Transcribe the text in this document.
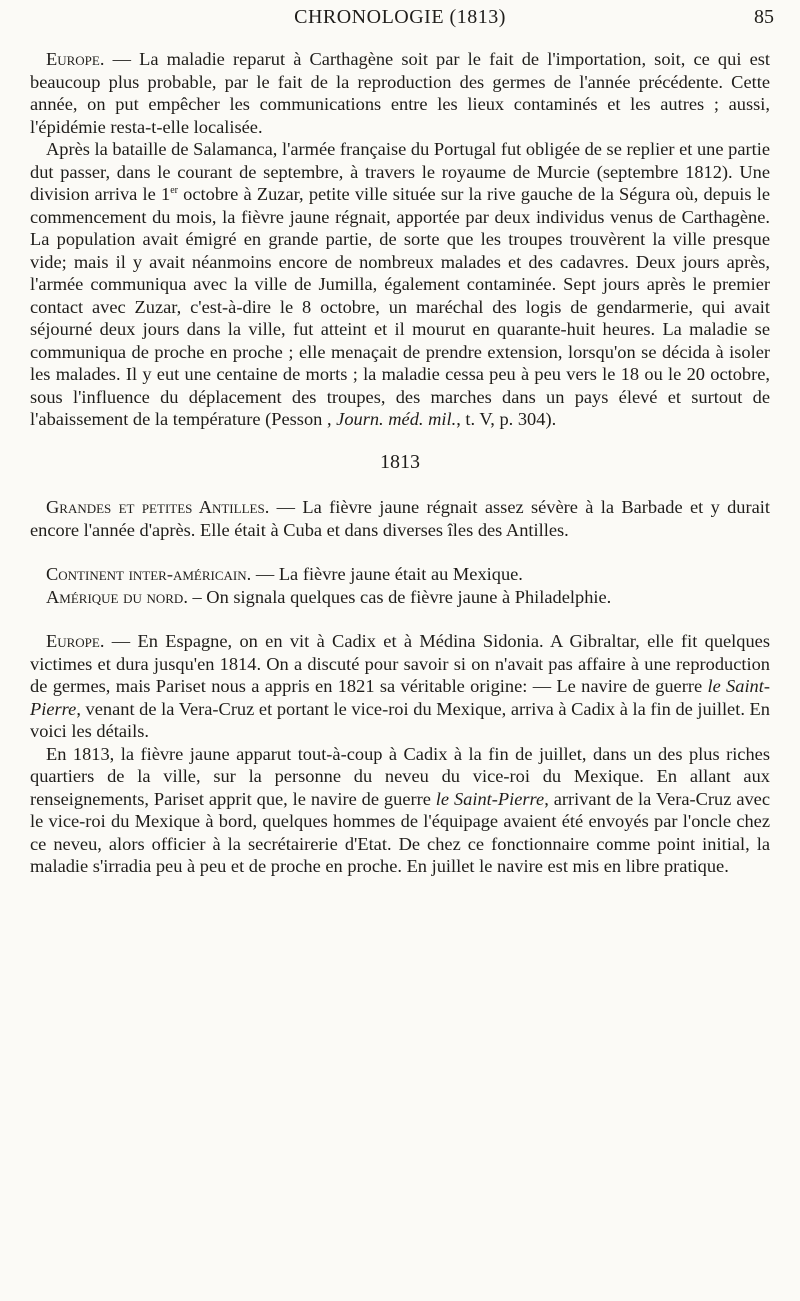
CHRONOLOGIE (1813)	85

Europe. — La maladie reparut à Carthagène soit par le fait de l'importation, soit, ce qui est beaucoup plus probable, par le fait de la reproduction des germes de l'année précédente. Cette année, on put empêcher les communications entre les lieux contaminés et les autres ; aussi, l'épidémie resta-t-elle localisée.

Après la bataille de Salamanca, l'armée française du Portugal fut obligée de se replier et une partie dut passer, dans le courant de septembre, à travers le royaume de Murcie (septembre 1812). Une division arriva le 1er octobre à Zuzar, petite ville située sur la rive gauche de la Ségura où, depuis le commencement du mois, la fièvre jaune régnait, apportée par deux individus venus de Carthagène. La population avait émigré en grande partie, de sorte que les troupes trouvèrent la ville presque vide; mais il y avait néanmoins encore de nombreux malades et des cadavres. Deux jours après, l'armée communiqua avec la ville de Jumilla, également contaminée. Sept jours après le premier contact avec Zuzar, c'est-à-dire le 8 octobre, un maréchal des logis de gendarmerie, qui avait séjourné deux jours dans la ville, fut atteint et il mourut en quarante-huit heures. La maladie se communiqua de proche en proche ; elle menaçait de prendre extension, lorsqu'on se décida à isoler les malades. Il y eut une centaine de morts ; la maladie cessa peu à peu vers le 18 ou le 20 octobre, sous l'influence du déplacement des troupes, des marches dans un pays élevé et surtout de l'abaissement de la température (Pesson , Journ. méd. mil., t. V, p. 304).

1813

Grandes et petites Antilles. — La fièvre jaune régnait assez sévère à la Barbade et y durait encore l'année d'après. Elle était à Cuba et dans diverses îles des Antilles.

Continent inter-américain. — La fièvre jaune était au Mexique.

Amérique du nord. – On signala quelques cas de fièvre jaune à Philadelphie.

Europe. — En Espagne, on en vit à Cadix et à Médina Sidonia. A Gibraltar, elle fit quelques victimes et dura jusqu'en 1814. On a discuté pour savoir si on n'avait pas affaire à une reproduction de germes, mais Pariset nous a appris en 1821 sa véritable origine: — Le navire de guerre le Saint-Pierre, venant de la Vera-Cruz et portant le vice-roi du Mexique, arriva à Cadix à la fin de juillet. En voici les détails.

En 1813, la fièvre jaune apparut tout-à-coup à Cadix à la fin de juillet, dans un des plus riches quartiers de la ville, sur la personne du neveu du vice-roi du Mexique. En allant aux renseignements, Pariset apprit que, le navire de guerre le Saint-Pierre, arrivant de la Vera-Cruz avec le vice-roi du Mexique à bord, quelques hommes de l'équipage avaient été envoyés par l'oncle chez ce neveu, alors officier à la secrétairerie d'Etat. De chez ce fonctionnaire comme point initial, la maladie s'irradia peu à peu et de proche en proche. En juillet le navire est mis en libre pratique.
